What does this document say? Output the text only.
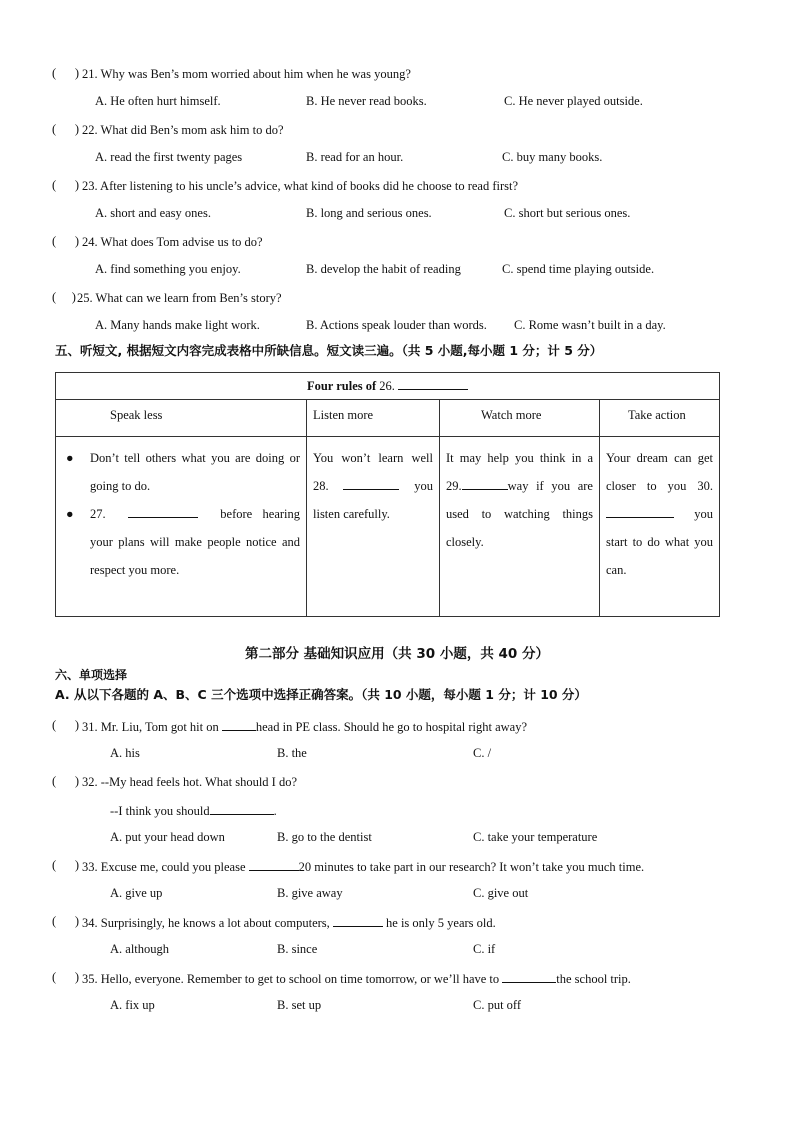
(      ) 21. Why was Ben’s mom worried about him when he was young?
A. He often hurt himself.	B. He never read books.	C. He never played outside.
(      ) 22. What did Ben’s mom ask him to do?
A. read the first twenty pages	B. read for an hour.	C. buy many books.
(      ) 23. After listening to his uncle’s advice, what kind of books did he choose to read first?
A. short and easy ones.	B. long and serious ones.	C. short but serious ones.
(      ) 24. What does Tom advise us to do?
A. find something you enjoy.	B. develop the habit of reading	C. spend time playing outside.
(     ) 25. What can we learn from Ben’s story?
A. Many hands make light work.	B. Actions speak louder than words. C. Rome wasn’t built in a day.
五、听短文, 根据短文内容完成表格中所缺信息。短文读三遍。（共 5 小题,每小题 1 分；计 5 分）
Four rules of 26.			
Speak less	Listen more	Watch more	Take action

● Don’t tell others what you are doing or going to do.
● 27. before hearing your plans will make people notice and respect you more.	You won’t learn well 28. you listen carefully.	It may help you think in a 29. way if you are used to watching things closely.	Your dream can get closer to you 30. you start to do what you can.
第二部分 基础知识应用（共 30 小题，共 40 分）
六、单项选择
A. 从以下各题的 A、B、C 三个选项中选择正确答案。（共 10 小题，每小题 1 分；计 10 分）
(      ) 31. Mr. Liu, Tom got hit on	head in PE class. Should he go to hospital right away?
A. his	B. the	C. /
(      ) 32. --My head feels hot. What should I do?
--I think you should	.
A. put your head down	B. go to the dentist	C. take your temperature
(      ) 33. Excuse me, could you please	20 minutes to take part in our research? It won’t take you much time.
A. give up	B. give away	C. give out
(      ) 34. Surprisingly, he knows a lot about computers,	he is only 5 years old.
A. although	B. since	C. if
(      ) 35. Hello, everyone. Remember to get to school on time tomorrow, or we’ll have to	the school trip.
A. fix up	B. set up	C. put off
